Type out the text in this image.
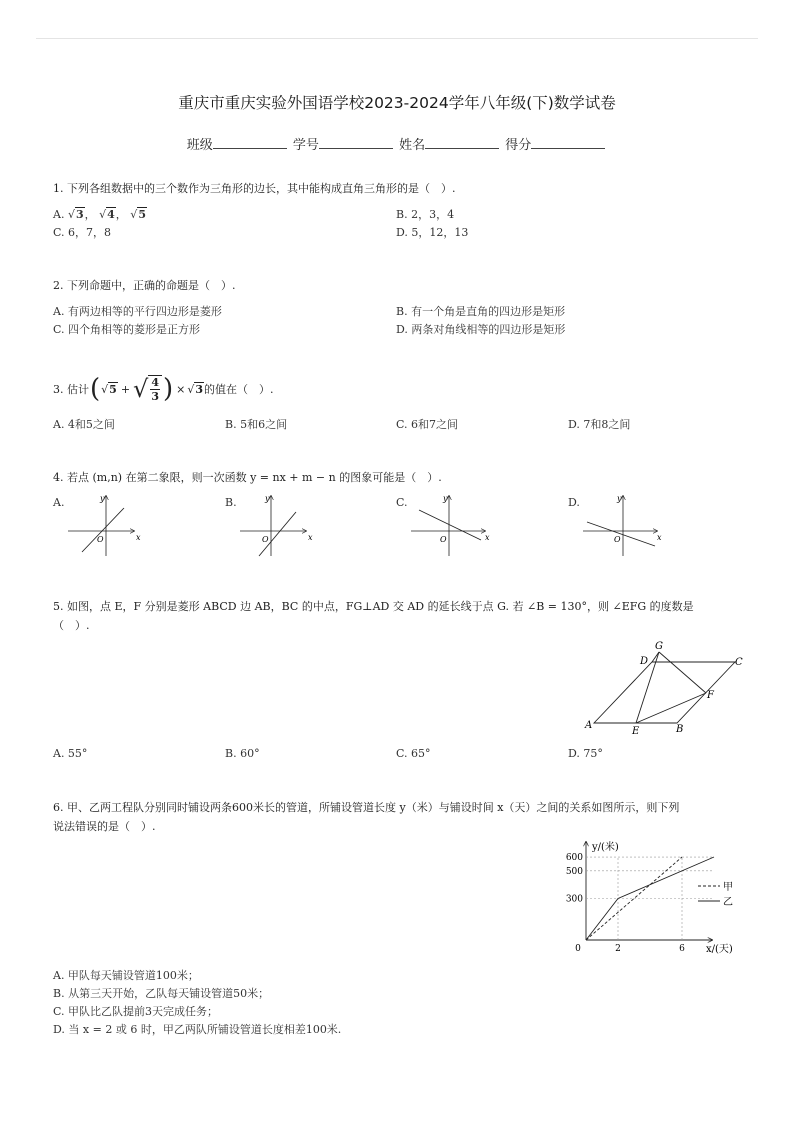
重庆市重庆实验外国语学校2023-2024学年八年级(下)数学试卷
班级	学号	姓名	得分
1. 下列各组数据中的三个数作为三角形的边长，其中能构成直角三角形的是（　）.
A. √3， √4， √5	B. 2，3，4
C. 6，7，8	D. 5，12，13
2. 下列命题中，正确的命题是（　）.
A. 有两边相等的平行四边形是菱形	B. 有一个角是直角的四边形是矩形
C. 四个角相等的菱形是正方形	D. 两条对角线相等的四边形是矩形
3. 估计 ( √5 + √ 4
3 ) × √3 的值在（　）.
A. 4和5之间	B. 5和6之间	C. 6和7之间	D. 7和8之间
4. 若点 (m,n) 在第二象限，则一次函数 y = nx + m − n 的图象可能是（　）.
A.
x
y
O
B.
x
y
O
C.
x
y
O
D.
x
y
O
5. 如图，点 E，F 分别是菱形 ABCD 边 AB，BC 的中点，FG⊥AD 交 AD 的延长线于点 G. 若 ∠B = 130°，则 ∠EFG 的度数是
（　）.
A	B
C
D
E
F
G
A. 55°	B. 60°	C. 65°	D. 75°
6. 甲、乙两工程队分别同时铺设两条600米长的管道，所铺设管道长度 y（米）与铺设时间 x（天）之间的关系如图所示，则下列
说法错误的是（　）.
300
500
600
0	2	6
y/(米)
x/(天)
甲
乙
A. 甲队每天铺设管道100米；
B. 从第三天开始，乙队每天铺设管道50米；
C. 甲队比乙队提前3天完成任务；
D. 当 x = 2 或 6 时，甲乙两队所铺设管道长度相差100米.
